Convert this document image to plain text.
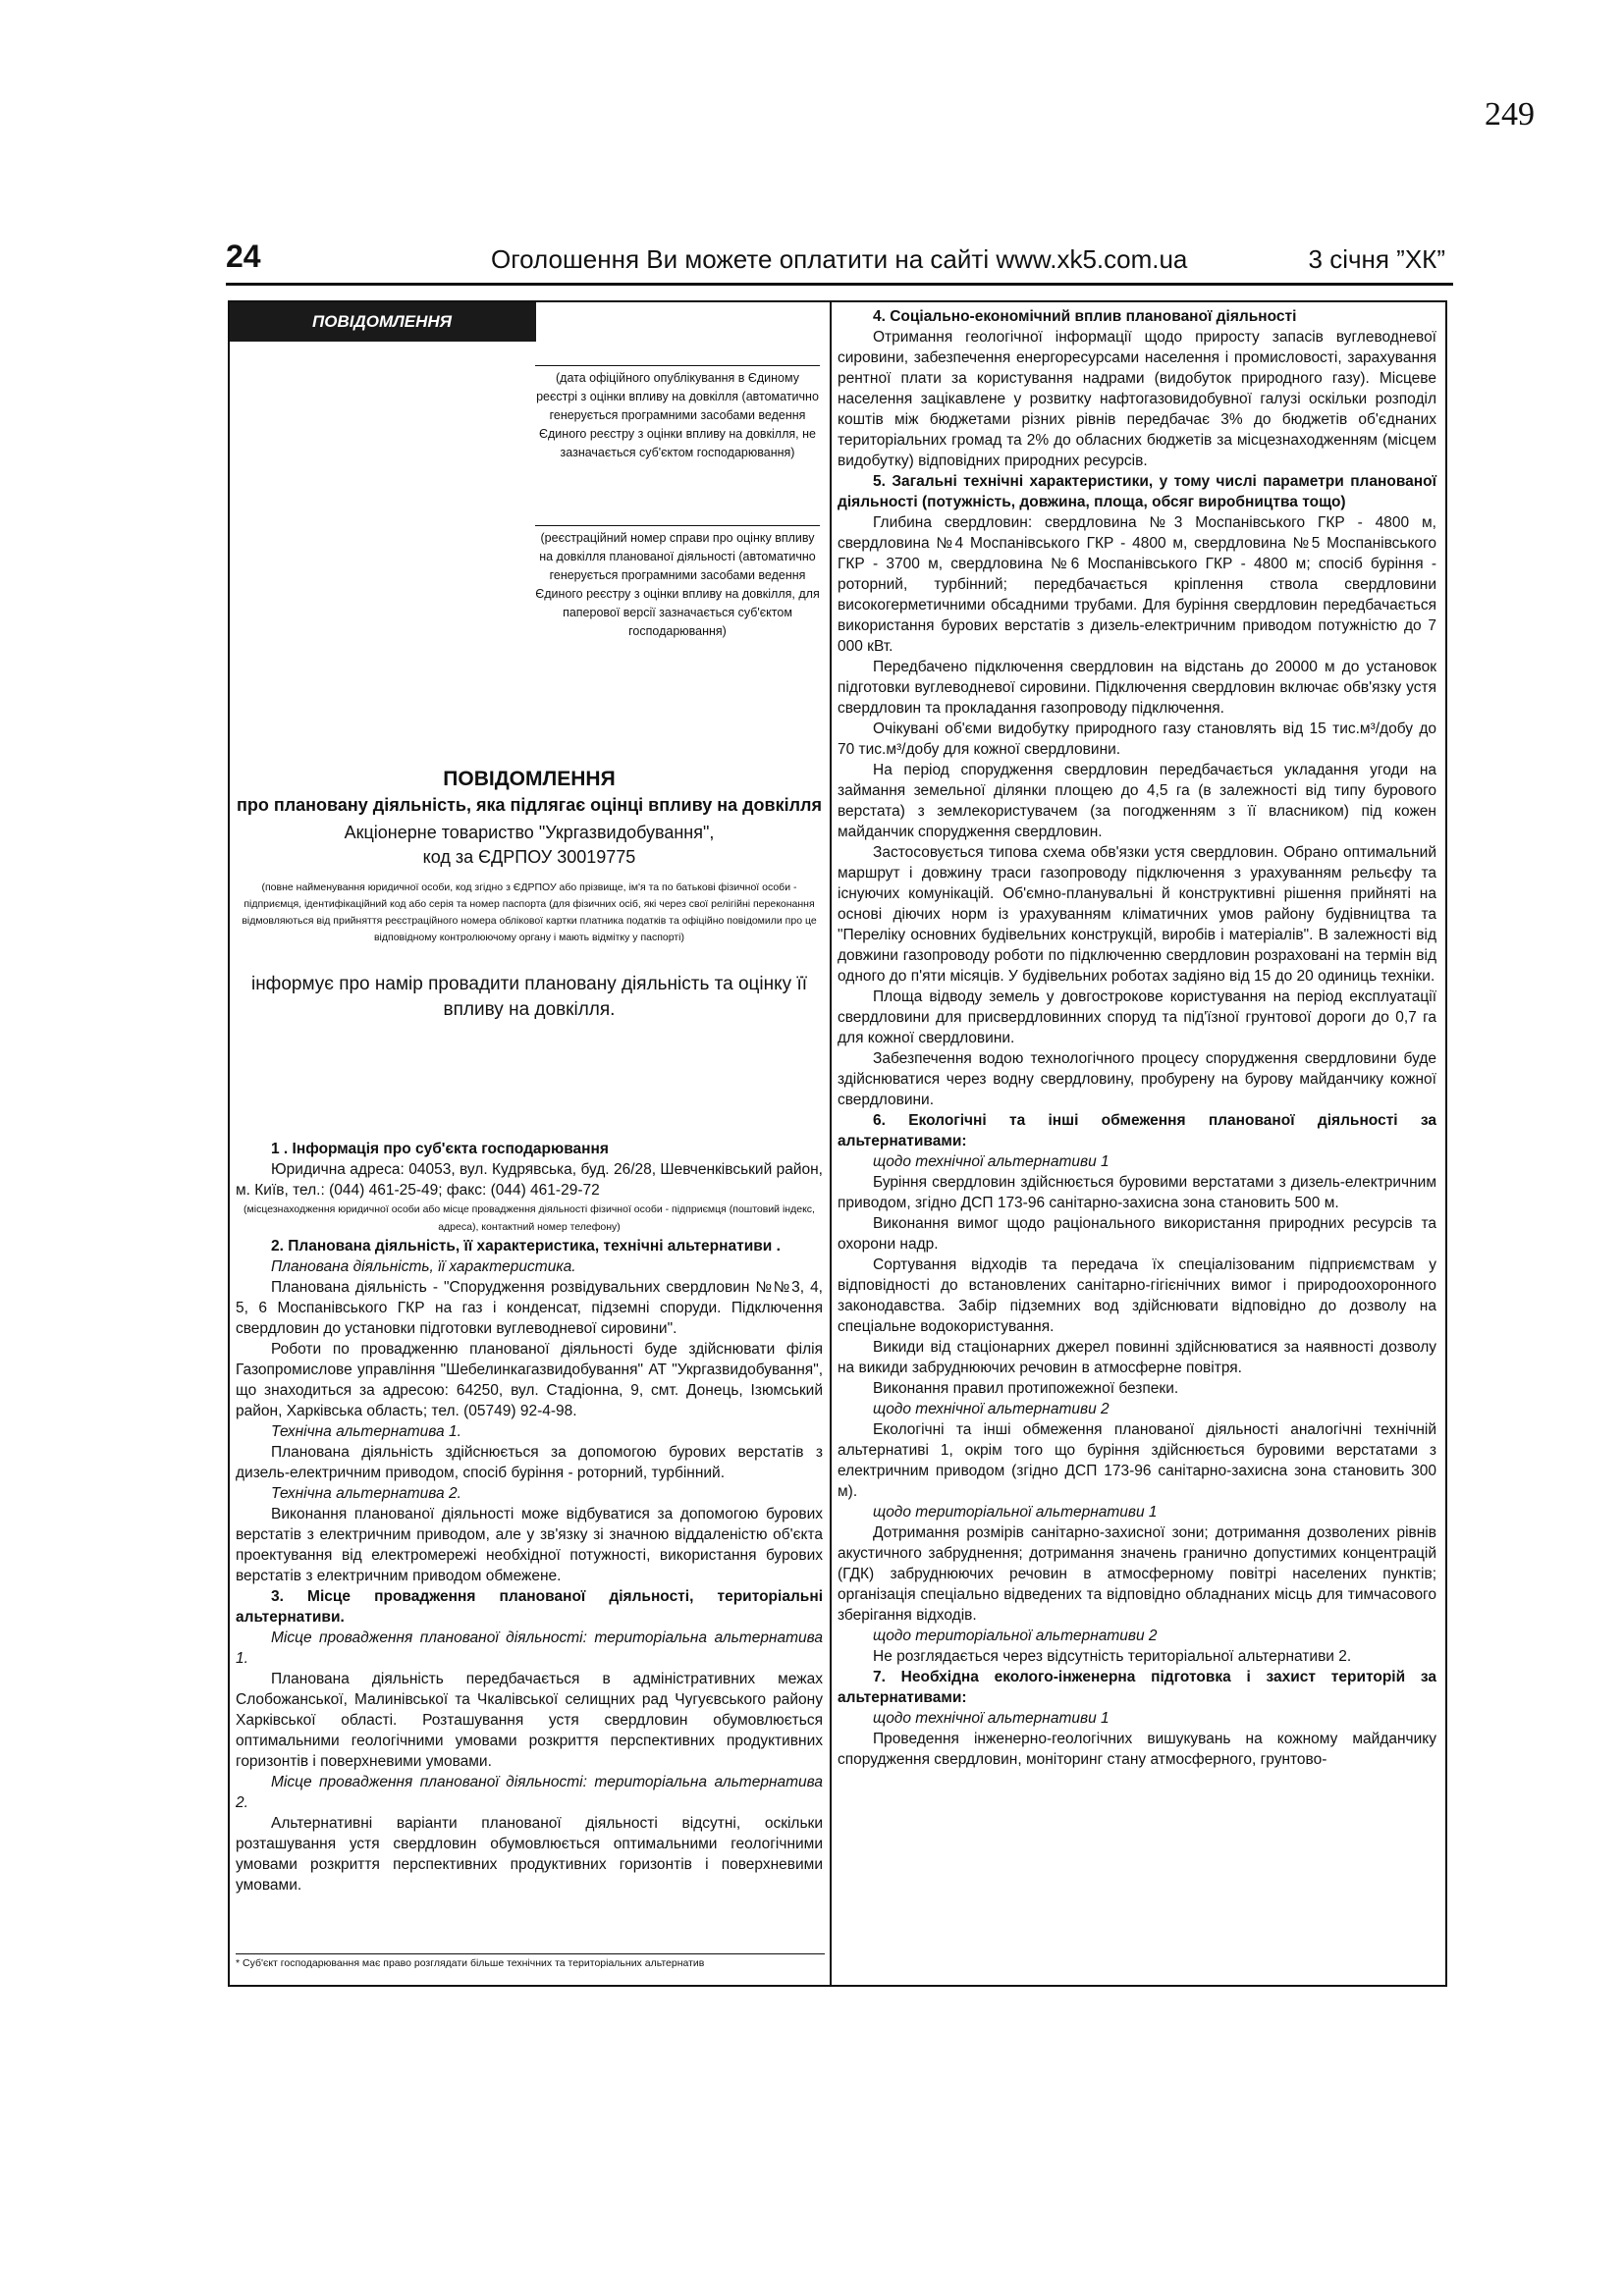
249
24	Оголошення Ви можете оплатити на сайті www.xk5.com.ua	3 січня ”ХК”
ПОВІДОМЛЕННЯ
(дата офіційного опублікування в Єдиному реєстрі з оцінки впливу на довкілля (автоматично генерується програмними засобами ведення Єдиного реєстру з оцінки впливу на довкілля, не зазначається суб'єктом господарювання)
(реєстраційний номер справи про оцінку впливу на довкілля планованої діяльності (автоматично генерується програмними засобами ведення Єдиного реєстру з оцінки впливу на довкілля, для паперової версії зазначається суб'єктом господарювання)
ПОВІДОМЛЕННЯ
про плановану діяльність, яка підлягає оцінці впливу на довкілля
Акціонерне товариство "Укргазвидобування",
код за ЄДРПОУ 30019775
(повне найменування юридичної особи, код згідно з ЄДРПОУ або прізвище, ім'я та по батькові фізичної особи - підприємця, ідентифікаційний код або серія та номер паспорта (для фізичних осіб, які через свої релігійні переконання відмовляються від прийняття реєстраційного номера облікової картки платника податків та офіційно повідомили про це відповідному контролюючому органу і мають відмітку у паспорті)
інформує про намір провадити плановану діяльність та оцінку її впливу на довкілля.

1 . Інформація про суб'єкта господарювання

Юридична адреса: 04053, вул. Кудрявська, буд. 26/28, Шевченківський район, м. Київ, тел.: (044) 461-25-49; факс: (044) 461-29-72

(місцезнаходження юридичної особи або місце провадження діяльності фізичної особи - підприємця (поштовий індекс, адреса), контактний номер телефону)

2. Планована діяльність, її характеристика, технічні альтернативи .

Планована діяльність, її характеристика.

Планована діяльність - "Спорудження розвідувальних свердловин №№3, 4, 5, 6 Моспанівського ГКР на газ і конденсат, підземні споруди. Підключення свердловин до установки підготовки вуглеводневої сировини".

Роботи по провадженню планованої діяльності буде здійснювати філія Газопромислове управління "Шебелинкагазвидобування" АТ "Укргазвидобування", що знаходиться за адресою: 64250, вул. Стадіонна, 9, смт. Донець, Ізюмський район, Харківська область; тел. (05749) 92-4-98.

Технічна альтернатива 1.

Планована діяльність здійснюється за допомогою бурових верстатів з дизель-електричним приводом, спосіб буріння - роторний, турбінний.

Технічна альтернатива 2.

Виконання планованої діяльності може відбуватися за допомогою бурових верстатів з електричним приводом, але у зв'язку зі значною віддаленістю об'єкта проектування від електромережі необхідної потужності, використання бурових верстатів з електричним приводом обмежене.

3. Місце провадження планованої діяльності, територіальні альтернативи.

Місце провадження планованої діяльності: територіальна альтернатива 1.

Планована діяльність передбачається в адміністративних межах Слобожанської, Малинівської та Чкалівської селищних рад Чугуєвського району Харківської області. Розташування устя свердловин обумовлюється оптимальними геологічними умовами розкриття перспективних продуктивних горизонтів і поверхневими умовами.

Місце провадження планованої діяльності: територіальна альтернатива 2.

Альтернативні варіанти планованої діяльності відсутні, оскільки розташування устя свердловин обумовлюється оптимальними геологічними умовами розкриття перспективних продуктивних горизонтів і поверхневими умовами.

* Суб'єкт господарювання має право розглядати більше технічних та територіальних альтернатив

4. Соціально-економічний вплив планованої діяльності

Отримання геологічної інформації щодо приросту запасів вуглеводневої сировини, забезпечення енергоресурсами населення і промисловості, зарахування рентної плати за користування надрами (видобуток природного газу). Місцеве населення зацікавлене у розвитку нафтогазовидобувної галузі оскільки розподіл коштів між бюджетами різних рівнів передбачає 3% до бюджетів об'єднаних територіальних громад та 2% до обласних бюджетів за місцезнаходженням (місцем видобутку) відповідних природних ресурсів.

5. Загальні технічні характеристики, у тому числі параметри планованої діяльності (потужність, довжина, площа, обсяг виробництва тощо)

Глибина свердловин: свердловина №3 Моспанівського ГКР - 4800 м, свердловина №4 Моспанівського ГКР - 4800 м, свердловина №5 Моспанівського ГКР - 3700 м, свердловина №6 Моспанівського ГКР - 4800 м; спосіб буріння - роторний, турбінний; передбачається кріплення ствола свердловини високогерметичними обсадними трубами. Для буріння свердловин передбачається використання бурових верстатів з дизель-електричним приводом потужністю до 7 000 кВт.

Передбачено підключення свердловин на відстань до 20000 м до установок підготовки вуглеводневої сировини. Підключення свердловин включає обв'язку устя свердловин та прокладання газопроводу підключення.

Очікувані об'єми видобутку природного газу становлять від 15 тис.м³/добу до 70 тис.м³/добу для кожної свердловини.

На період спорудження свердловин передбачається укладання угоди на займання земельної ділянки площею до 4,5 га (в залежності від типу бурового верстата) з землекористувачем (за погодженням з її власником) під кожен майданчик спорудження свердловин.

Застосовується типова схема обв'язки устя свердловин. Обрано оптимальний маршрут і довжину траси газопроводу підключення з урахуванням рельєфу та існуючих комунікацій. Об'ємно-планувальні й конструктивні рішення прийняті на основі діючих норм із урахуванням кліматичних умов району будівництва та "Переліку основних будівельних конструкцій, виробів і матеріалів". В залежності від довжини газопроводу роботи по підключенню свердловин розраховані на термін від одного до п'яти місяців. У будівельних роботах задіяно від 15 до 20 одиниць техніки.

Площа відводу земель у довгострокове користування на період експлуатації свердловини для присвердловинних споруд та під'їзної грунтової дороги до 0,7 га для кожної свердловини.

Забезпечення водою технологічного процесу спорудження свердловини буде здійснюватися через водну свердловину, пробурену на бурову майданчику кожної свердловини.

6. Екологічні та інші обмеження планованої діяльності за альтернативами:

щодо технічної альтернативи 1

Буріння свердловин здійснюється буровими верстатами з дизель-електричним приводом, згідно ДСП 173-96 санітарно-захисна зона становить 500 м.

Виконання вимог щодо раціонального використання природних ресурсів та охорони надр.

Сортування відходів та передача їх спеціалізованим підприємствам у відповідності до встановлених санітарно-гігієнічних вимог і природоохоронного законодавства. Забір підземних вод здійснювати відповідно до дозволу на спеціальне водокористування.

Викиди від стаціонарних джерел повинні здійснюватися за наявності дозволу на викиди забруднюючих речовин в атмосферне повітря.

Виконання правил протипожежної безпеки.

щодо технічної альтернативи 2

Екологічні та інші обмеження планованої діяльності аналогічні технічній альтернативі 1, окрім того що буріння здійснюється буровими верстатами з електричним приводом (згідно ДСП 173-96 санітарно-захисна зона становить 300 м).

щодо територіальної альтернативи 1

Дотримання розмірів санітарно-захисної зони; дотримання дозволених рівнів акустичного забруднення; дотримання значень гранично допустимих концентрацій (ГДК) забруднюючих речовин в атмосферному повітрі населених пунктів; організація спеціально відведених та відповідно обладнаних місць для тимчасового зберігання відходів.

щодо територіальної альтернативи 2

Не розглядається через відсутність територіальної альтернативи 2.

7. Необхідна еколого-інженерна підготовка і захист територій за альтернативами:

щодо технічної альтернативи 1

Проведення інженерно-геологічних вишукувань на кожному майданчику спорудження свердловин, моніторинг стану атмосферного, грунтово-
